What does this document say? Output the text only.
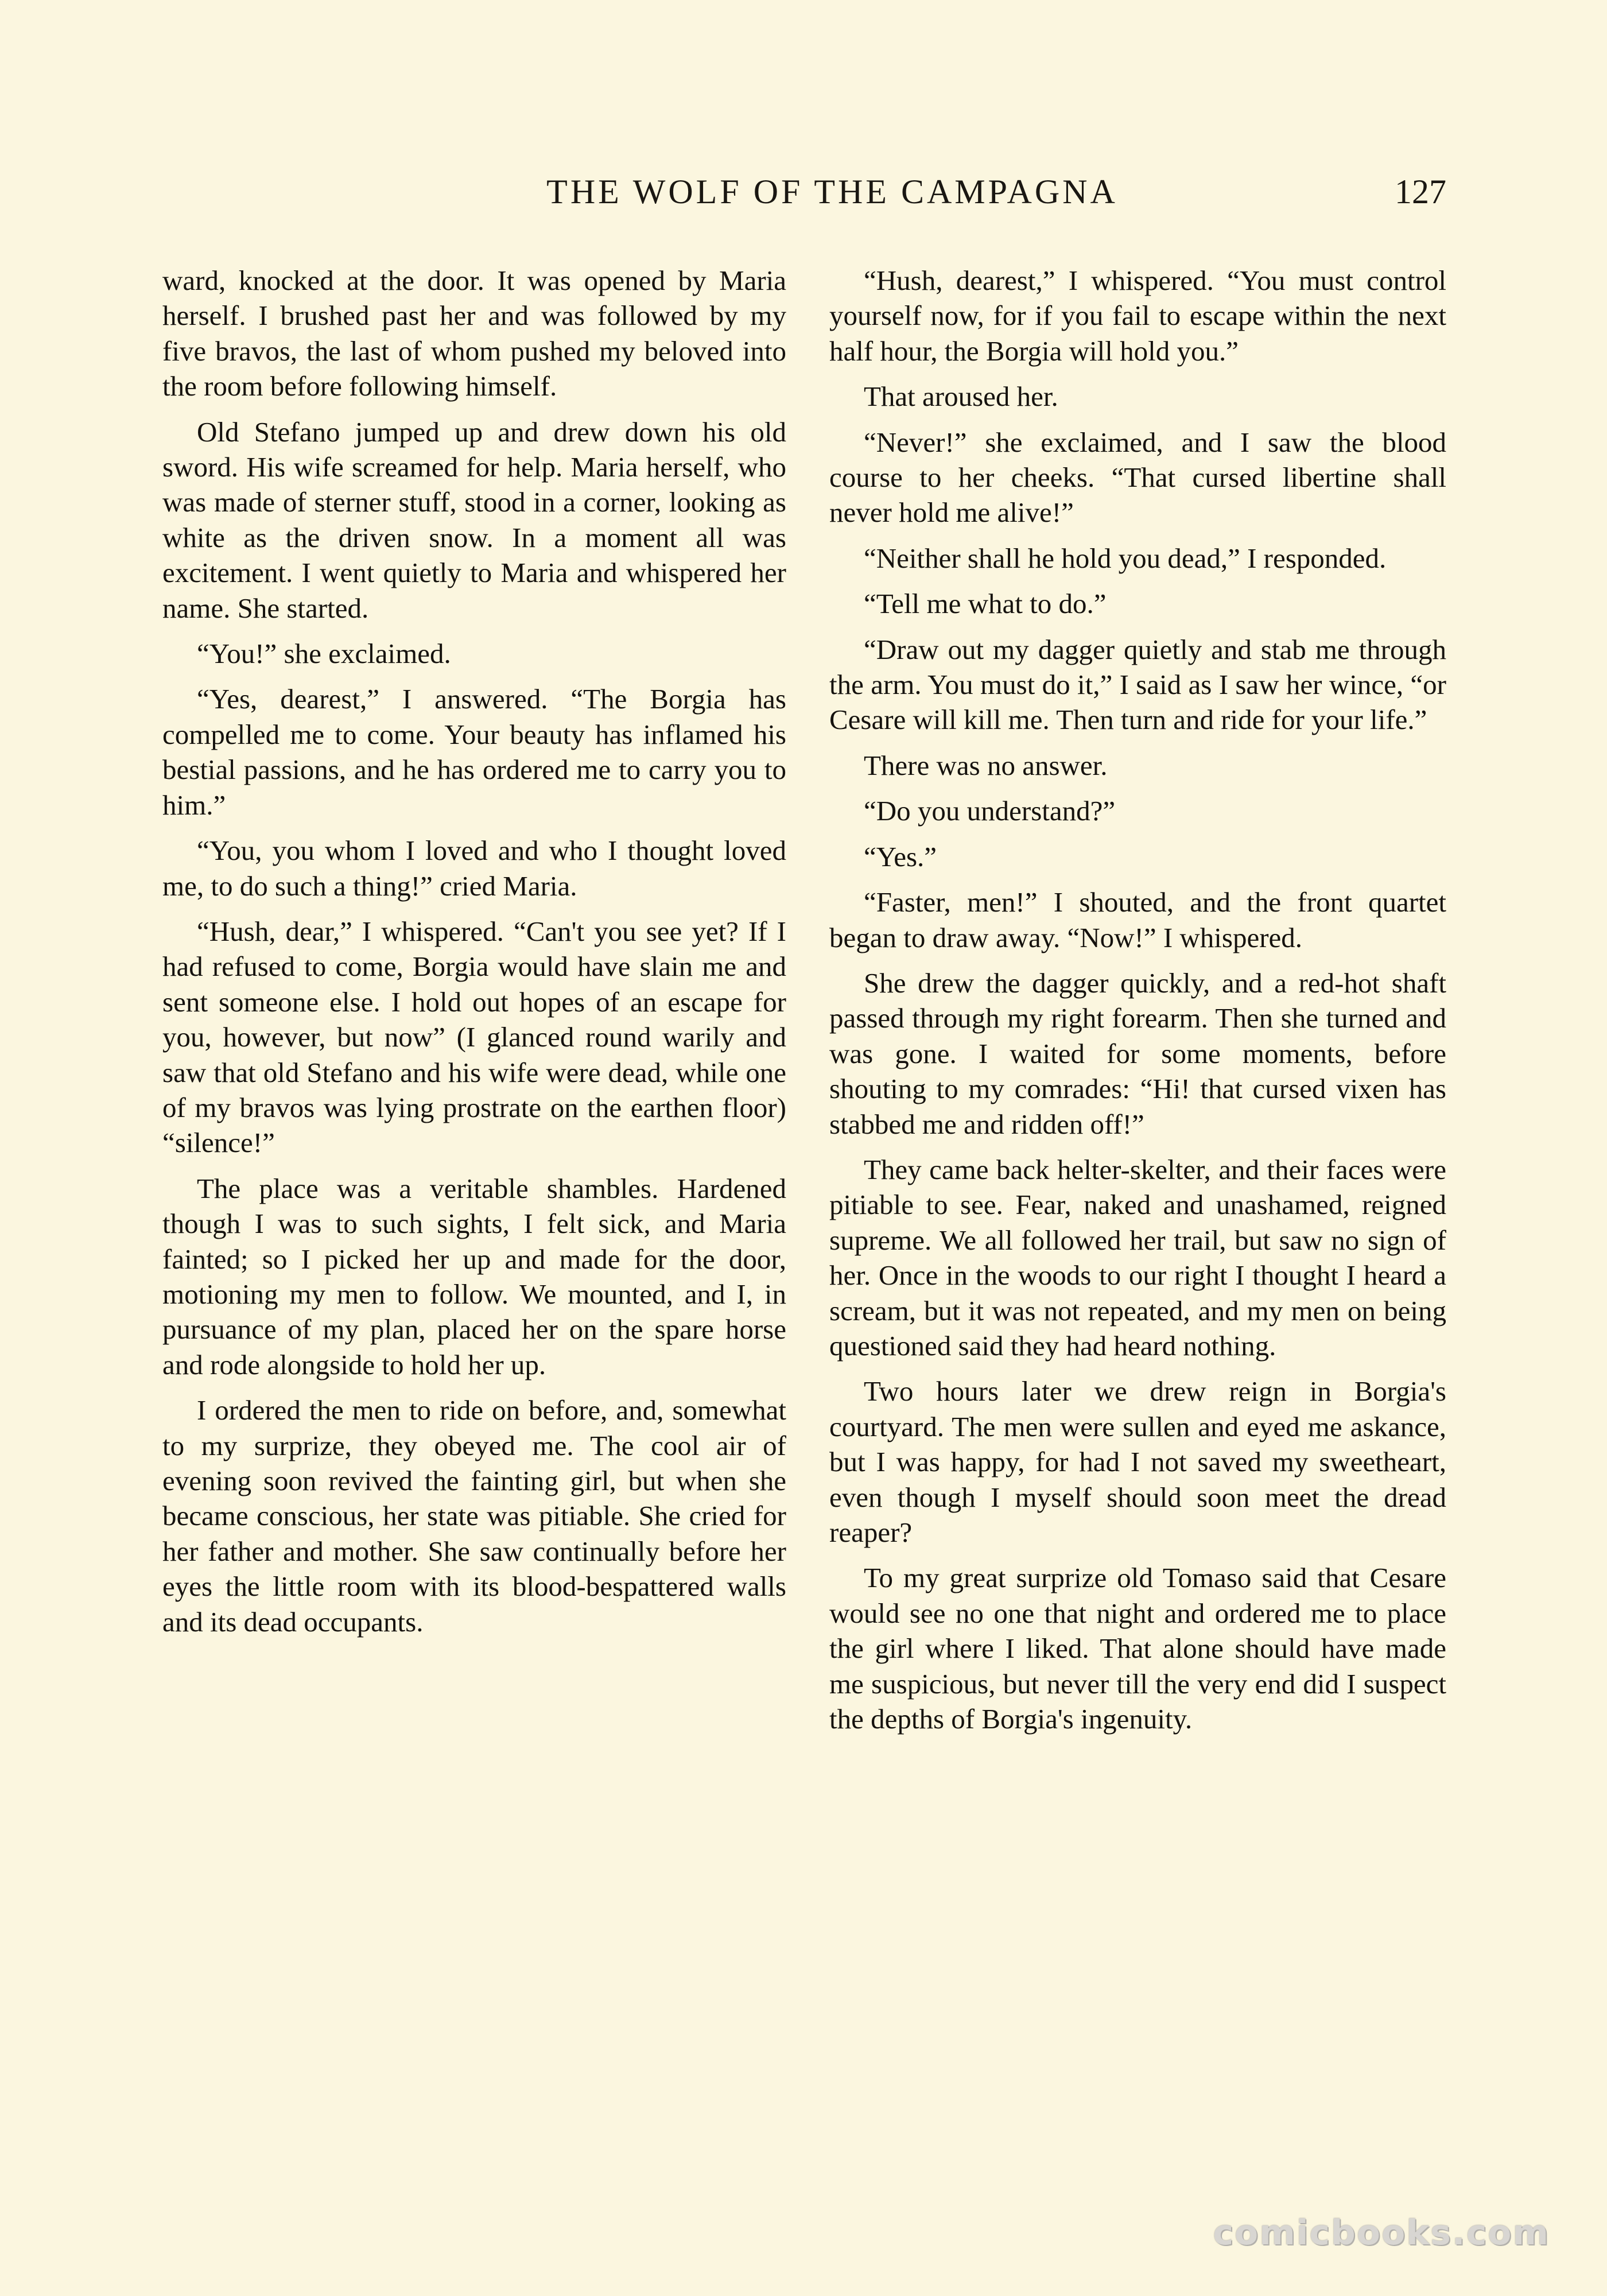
THE WOLF OF THE CAMPAGNA	127

ward, knocked at the door. It was opened by Maria herself. I brushed past her and was followed by my five bravos, the last of whom pushed my beloved into the room before following himself.

Old Stefano jumped up and drew down his old sword. His wife screamed for help. Maria herself, who was made of sterner stuff, stood in a corner, looking as white as the driven snow. In a moment all was excitement. I went quietly to Maria and whispered her name. She started.

“You!” she exclaimed.

“Yes, dearest,” I answered. “The Borgia has compelled me to come. Your beauty has inflamed his bestial passions, and he has ordered me to carry you to him.”

“You, you whom I loved and who I thought loved me, to do such a thing!” cried Maria.

“Hush, dear,” I whispered. “Can't you see yet? If I had refused to come, Borgia would have slain me and sent someone else. I hold out hopes of an escape for you, however, but now” (I glanced round warily and saw that old Stefano and his wife were dead, while one of my bravos was lying prostrate on the earthen floor) “silence!”

The place was a veritable shambles. Hardened though I was to such sights, I felt sick, and Maria fainted; so I picked her up and made for the door, motioning my men to follow. We mounted, and I, in pursuance of my plan, placed her on the spare horse and rode alongside to hold her up.

I ordered the men to ride on before, and, somewhat to my surprize, they obeyed me. The cool air of evening soon revived the fainting girl, but when she became conscious, her state was pitiable. She cried for her father and mother. She saw continually before her eyes the little room with its blood-bespattered walls and its dead occupants.

“Hush, dearest,” I whispered. “You must control yourself now, for if you fail to escape within the next half hour, the Borgia will hold you.”

That aroused her.

“Never!” she exclaimed, and I saw the blood course to her cheeks. “That cursed libertine shall never hold me alive!”

“Neither shall he hold you dead,” I responded.

“Tell me what to do.”

“Draw out my dagger quietly and stab me through the arm. You must do it,” I said as I saw her wince, “or Cesare will kill me. Then turn and ride for your life.”

There was no answer.

“Do you understand?”

“Yes.”

“Faster, men!” I shouted, and the front quartet began to draw away. “Now!” I whispered.

She drew the dagger quickly, and a red-hot shaft passed through my right forearm. Then she turned and was gone. I waited for some moments, before shouting to my comrades: “Hi! that cursed vixen has stabbed me and ridden off!”

They came back helter-skelter, and their faces were pitiable to see. Fear, naked and unashamed, reigned supreme. We all followed her trail, but saw no sign of her. Once in the woods to our right I thought I heard a scream, but it was not repeated, and my men on being questioned said they had heard nothing.

Two hours later we drew reign in Borgia's courtyard. The men were sullen and eyed me askance, but I was happy, for had I not saved my sweetheart, even though I myself should soon meet the dread reaper?

To my great surprize old Tomaso said that Cesare would see no one that night and ordered me to place the girl where I liked. That alone should have made me suspicious, but never till the very end did I suspect the depths of Borgia's ingenuity.

comicbooks.com
